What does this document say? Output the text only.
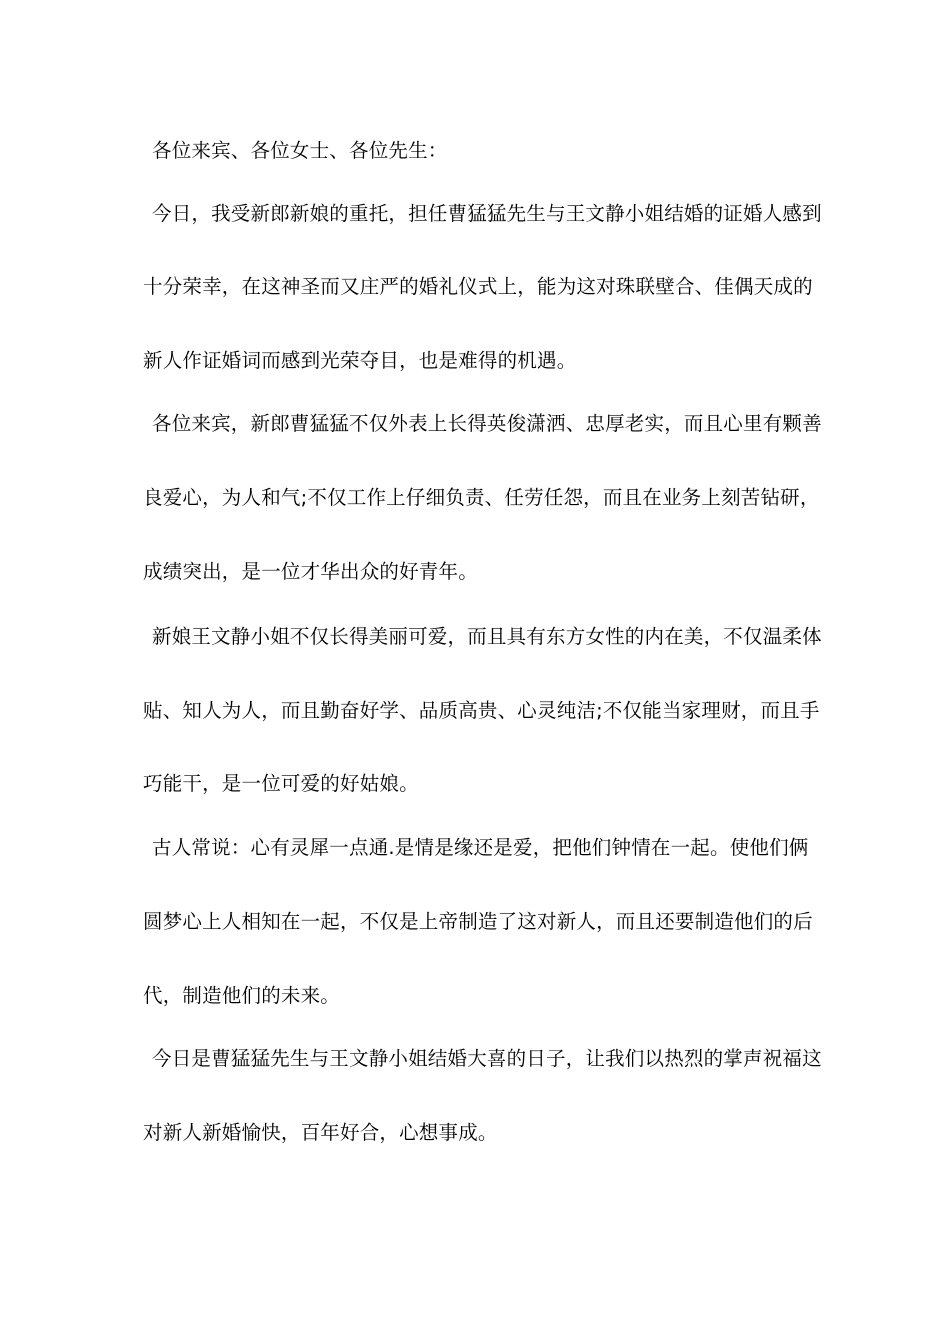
各位来宾、各位女士、各位先生：
今日，我受新郎新娘的重托，担任曹猛猛先生与王文静小姐结婚的证婚人感到
十分荣幸，在这神圣而又庄严的婚礼仪式上，能为这对珠联壁合、佳偶天成的
新人作证婚词而感到光荣夺目，也是难得的机遇。
各位来宾，新郎曹猛猛不仅外表上长得英俊潇洒、忠厚老实，而且心里有颗善
良爱心，为人和气;不仅工作上仔细负责、任劳任怨，而且在业务上刻苦钻研，
成绩突出，是一位才华出众的好青年。
新娘王文静小姐不仅长得美丽可爱，而且具有东方女性的内在美，不仅温柔体
贴、知人为人，而且勤奋好学、品质高贵、心灵纯洁;不仅能当家理财，而且手
巧能干，是一位可爱的好姑娘。
古人常说：心有灵犀一点通.是情是缘还是爱，把他们钟情在一起。使他们俩
圆梦心上人相知在一起，不仅是上帝制造了这对新人，而且还要制造他们的后
代，制造他们的未来。
今日是曹猛猛先生与王文静小姐结婚大喜的日子，让我们以热烈的掌声祝福这
对新人新婚愉快，百年好合，心想事成。
